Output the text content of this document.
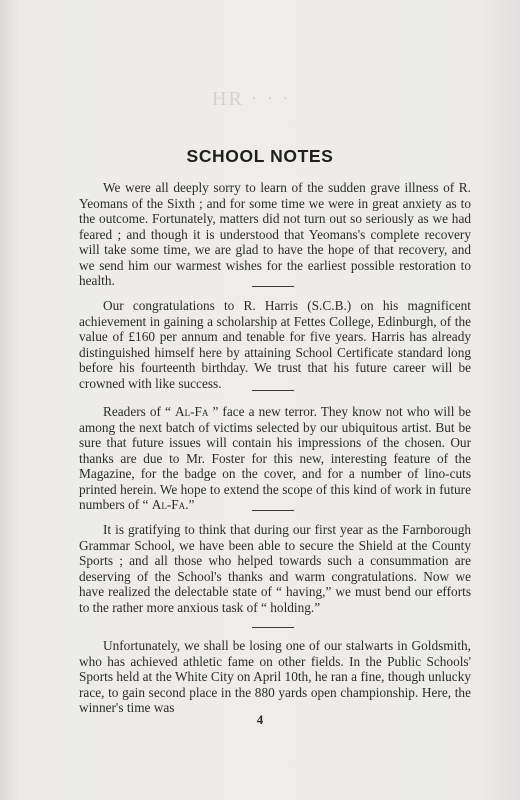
HR · · ·
SCHOOL NOTES

We were all deeply sorry to learn of the sudden grave illness of R. Yeomans of the Sixth ; and for some time we were in great anxiety as to the outcome. Fortunately, matters did not turn out so seriously as we had feared ; and though it is understood that Yeomans's complete recovery will take some time, we are glad to have the hope of that recovery, and we send him our warmest wishes for the earliest possible restoration to health.

Our congratulations to R. Harris (S.C.B.) on his magnificent achievement in gaining a scholarship at Fettes College, Edinburgh, of the value of £160 per annum and tenable for five years. Harris has already distinguished himself here by attaining School Certificate standard long before his fourteenth birthday. We trust that his future career will be crowned with like success.

Readers of “ Al-Fa ” face a new terror. They know not who will be among the next batch of victims selected by our ubiquitous artist. But be sure that future issues will contain his impressions of the chosen. Our thanks are due to Mr. Foster for this new, interesting feature of the Magazine, for the badge on the cover, and for a number of lino-cuts printed herein. We hope to extend the scope of this kind of work in future numbers of “ Al-Fa.”

It is gratifying to think that during our first year as the Farnborough Grammar School, we have been able to secure the Shield at the County Sports ; and all those who helped towards such a consummation are deserving of the School's thanks and warm congratulations. Now we have realized the delectable state of “ having,” we must bend our efforts to the rather more anxious task of “ holding.”

Unfortunately, we shall be losing one of our stalwarts in Goldsmith, who has achieved athletic fame on other fields. In the Public Schools' Sports held at the White City on April 10th, he ran a fine, though unlucky race, to gain second place in the 880 yards open championship. Here, the winner's time was

4
